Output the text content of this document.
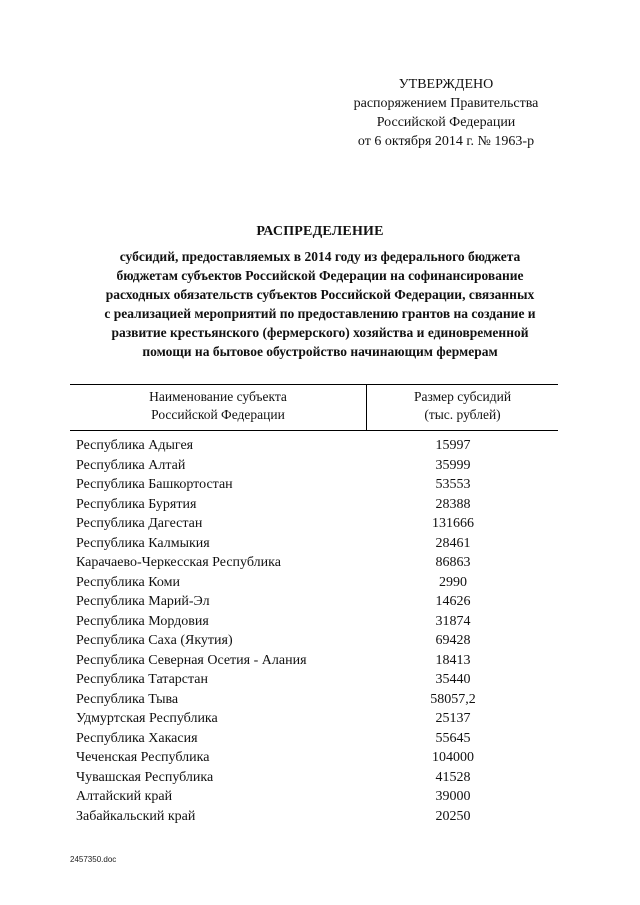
УТВЕРЖДЕНО
распоряжением Правительства
Российской Федерации
от 6 октября 2014 г. № 1963-р
РАСПРЕДЕЛЕНИЕ
субсидий, предоставляемых в 2014 году из федерального бюджета
бюджетам субъектов Российской Федерации на софинансирование
расходных обязательств субъектов Российской Федерации, связанных
с реализацией мероприятий по предоставлению грантов на создание и
развитие крестьянского (фермерского) хозяйства и единовременной
помощи на бытовое обустройство начинающим фермерам
Наименование субъекта
Российской Федерации
Размер субсидий
(тыс. рублей)
Республика Адыгея	15997
Республика Алтай	35999
Республика Башкортостан	53553
Республика Бурятия	28388
Республика Дагестан	131666
Республика Калмыкия	28461
Карачаево-Черкесская Республика	86863
Республика Коми	2990
Республика Марий-Эл	14626
Республика Мордовия	31874
Республика Саха (Якутия)	69428
Республика Северная Осетия - Алания	18413
Республика Татарстан	35440
Республика Тыва	58057,2
Удмуртская Республика	25137
Республика Хакасия	55645
Чеченская Республика	104000
Чувашская Республика	41528
Алтайский край	39000
Забайкальский край	20250
2457350.doc
